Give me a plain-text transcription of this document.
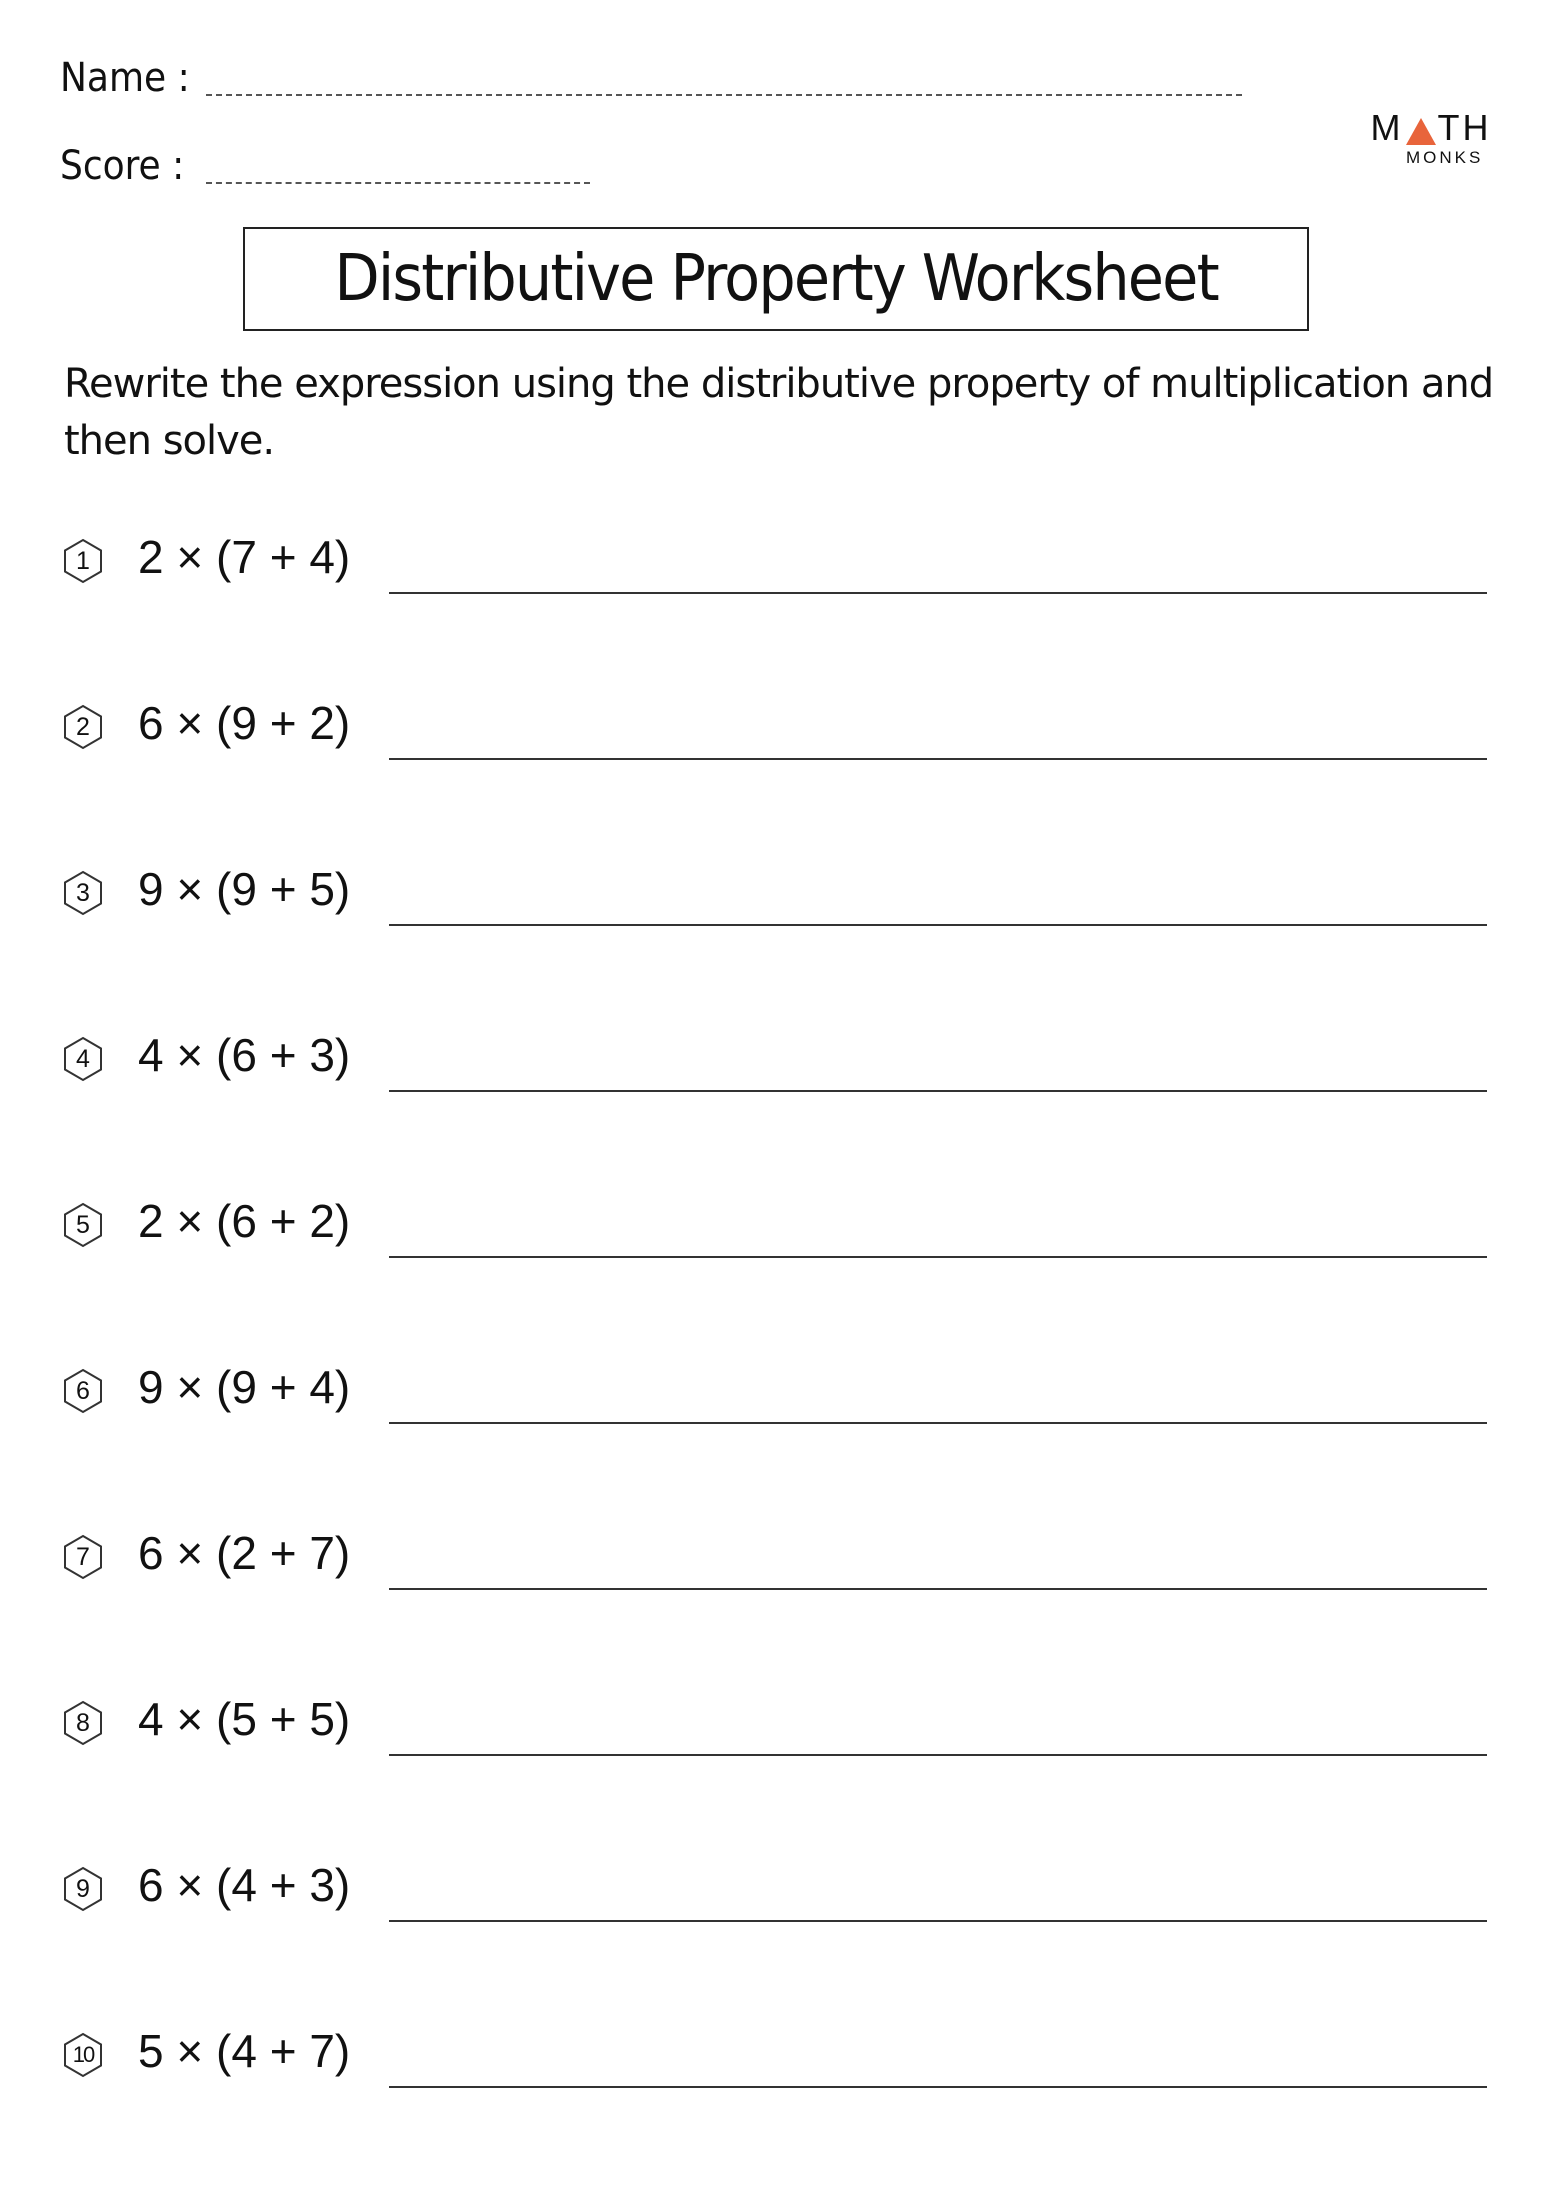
Name :
Score :
M TH
MONKS
Distributive Property Worksheet
Rewrite the expression using the distributive property of multiplication and then solve.
1	2 × (7 + 4)
2	6 × (9 + 2)
3	9 × (9 + 5)
4	4 × (6 + 3)
5	2 × (6 + 2)
6	9 × (9 + 4)
7	6 × (2 + 7)
8	4 × (5 + 5)
9	6 × (4 + 3)
10 5 × (4 + 7)
